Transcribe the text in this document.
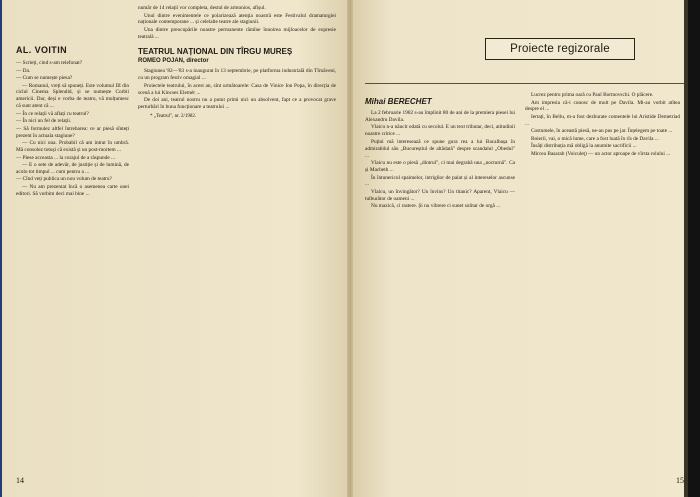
AL. VOITIN

— Scrieți, cind s-am telefonat?

— Da.

— Cum se numește piesa?

— Romanul, vreți să spuneți. Este volumul III din ciclul Cinema Splendid, și se numește Corbii americii. Dar, deși e vorba de teatru, vă mulțumesc că sunt atent că ...

— În ce relații vă aflați cu teatrul?

— În nici un fel de relații.

— Să formulez altfel întrebarea: ce ar piesă sînteți prezent în actuala stagiune?

— Cu nici una. Probabil că am intrat în umbră. Mă consolez totuși că există și un post-mortem ...

— Piese acceasta ... la curajul de a răspunde ...

— E o sete de adevăr, de justiție și de lumină, de acolo tot timpul ... cum pentru a ...

— Cînd veți publica un nou volum de teatru?

— Nu am prezentat încă o asemenea carte unei editori. Să vorbim deci mai bine ...

număr de 14 relații vor completa, destul de armonios, afișul.

Unul dintre evenimentele ce polarizează atenția noastră este Festivalul dramaturgiei naționale contemporane ... și celelalte teatre ale stagiunii.

Una dintre preocupările noastre permanente rămîne înnoirea mijloacelor de expresie teatrală ...

TEATRUL NAȚIONAL DIN TÎRGU MUREȘ
ROMEO POJAN, director

Stagiunea '82—'83 s-a inaugurat în 13 septembrie, pe platforma industrială din Tîrnăveni, cu un program festiv omagial ...

Proiectele teatrului, în acest an, sînt următoarele: Casa de Vinice Ion Popa, în direcția de scenă a lui Kincses Elemér ...

De doi ani, teatrul nostru nu a putut primi nici un absolvent, fapt ce a provocat grave perturbări în buna funcționare a teatrului ...

* „Teatrul", nr. 2/1982.
14
Proiecte regizorale
Mihai BERECHET

La 2 februarie 1982 s-au împlinit 80 de ani de la premiera piesei lui Alexandru Davila.

Vlaicu n-a năucit odată cu secolul. E un text tributar, deci, atitudinii noastre critice ...

Puțini mă interesează ce spune gura rea a lui Bacalbașa în admirabilul său „Bucureștiul de altădată" despre scandalul „Obedul" ...

Vlaicu nu este o piesă „dintrul", ci mai degrabă una „nocturnă". Ca și Macbeth ...

În întunericul spaimelor, intrigilor de palat și al intereselor ascunse ...

Vlaicu, un învingător? Un învins? Un titanic? Aparent, Vlaicu — tulburător de oameni ...

Nu mazică, ci rastere. Și nu vibrere ci sunet solitar de orgă ...

Lucrez pentru prima oară cu Paul Bortnovschi. O plăcere.

Am impresia că-i cunosc de mult pe Davila. Mi-au vorbit atîtea despre el ...

Iertați, în Bellu, m-a fost dezburate comentele lui Aristide Demetriad ...

Costumele, în această piesă, ne-au pus pe jar. Înțelegem pe toate ...

Boierii, vai, o mică lume, care a fost luată în rîs de Davila ...

Însăți distribuția mă obligă la anumite sacrificii ...

Mircea Basarab (Voiculeț) — un actor aproape de vîrsta rolului ...

15
